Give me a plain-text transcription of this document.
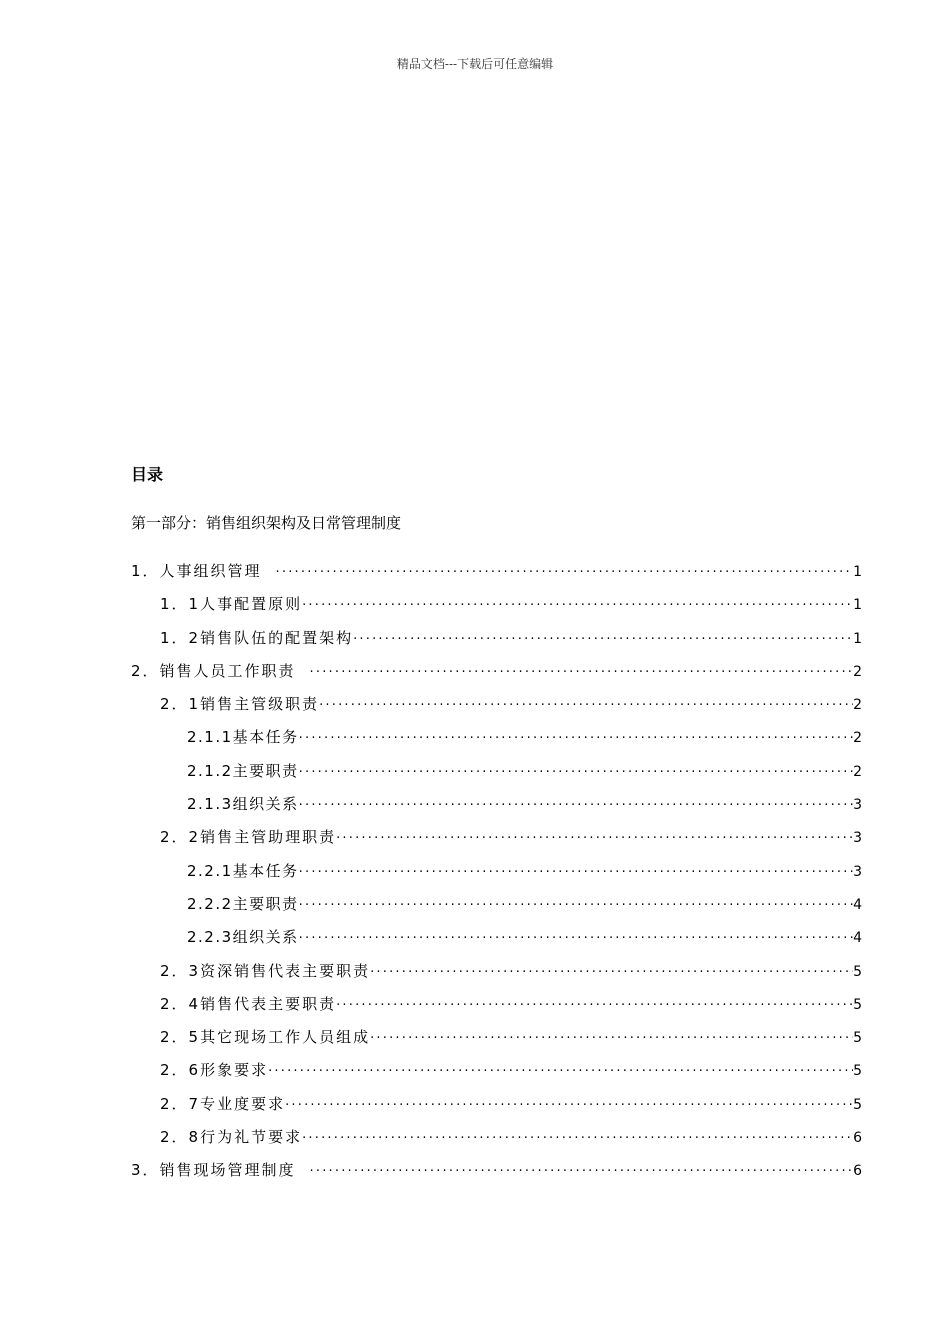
精品文档---下载后可任意编辑
目录
第一部分：销售组织架构及日常管理制度
1．人事组织管理 ·····	1
1．1人事配置原则 ·····	1
1．2销售队伍的配置架构 ·····	1
2．销售人员工作职责 ·····	2
2．1销售主管级职责 ·····	2
2.1.1基本任务 ·····	2
2.1.2主要职责 ·····	2
2.1.3组织关系 ·····	3
2．2销售主管助理职责 ·····	3
2.2.1基本任务 ·····	3
2.2.2主要职责 ·····	4
2.2.3组织关系 ·····	4
2．3资深销售代表主要职责 ·····	5
2．4销售代表主要职责 ·····	5
2．5其它现场工作人员组成 ·····	5
2．6形象要求 ·····	5
2．7专业度要求 ·····	5
2．8行为礼节要求 ·····	6
3．销售现场管理制度 ·····	6
